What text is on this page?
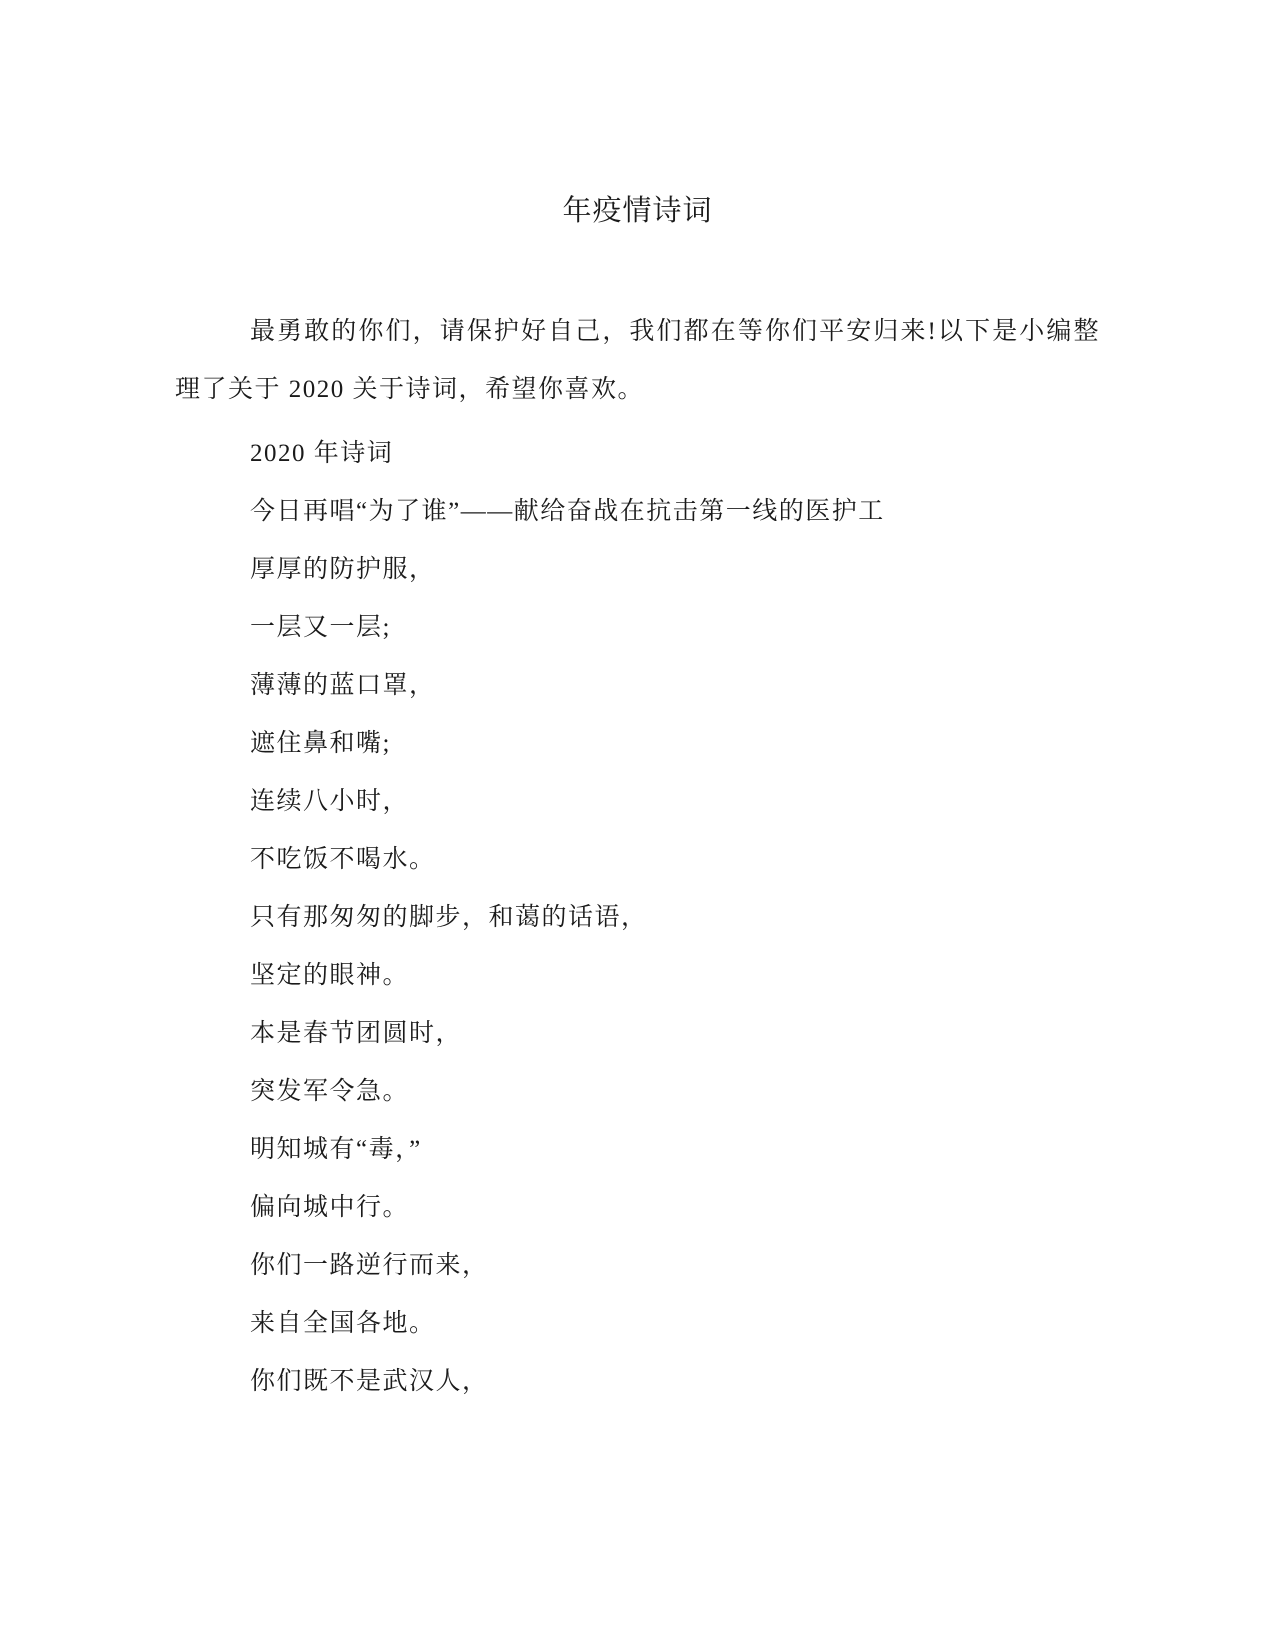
年疫情诗词

最勇敢的你们，请保护好自己，我们都在等你们平安归来!以下是小编整理了关于 2020 关于诗词，希望你喜欢。

2020 年诗词
今日再唱“为了谁”——献给奋战在抗击第一线的医护工
厚厚的防护服，
一层又一层;
薄薄的蓝口罩，
遮住鼻和嘴;
连续八小时，
不吃饭不喝水。
只有那匆匆的脚步，和蔼的话语，
坚定的眼神。
本是春节团圆时，
突发军令急。
明知城有“毒，”
偏向城中行。
你们一路逆行而来，
来自全国各地。
你们既不是武汉人，
